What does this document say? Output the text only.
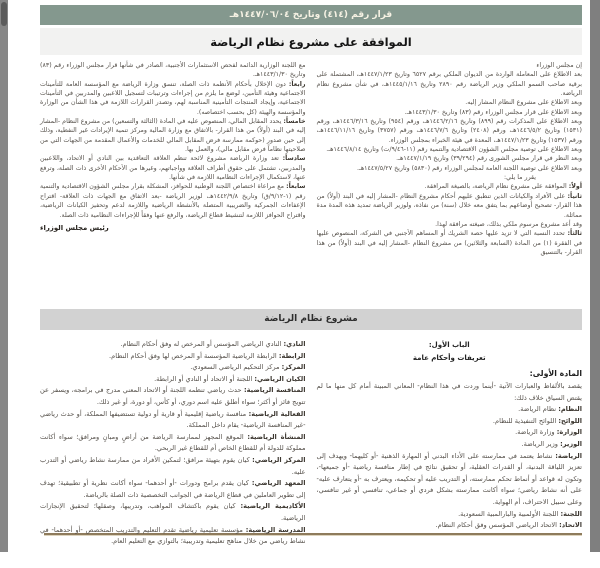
قرار رقم (٤١٤) وتاريخ ١٤٤٧/٠٦/٠٤هـ
الموافقة على مشروع نظام الرياضة

إن مجلس الوزراء

بعد الاطلاع على المعاملة الواردة من الديوان الملكي برقم ٦٥٢٧ وتاريخ ١٤٤٧/١/٢٣هـ، المشتملة على برقية صاحب السمو الملكي وزير الرياضة رقم ٢٨٩٠ وتاريخ ١٤٤٥/١/١٦هـ، في شأن مشروع نظام الرياضة.

وبعد الاطلاع على مشروع النظام المشار إليه.

وبعد الاطلاع على قرار مجلس الوزراء رقم (٨٣) وتاريخ ١٤٤٣/١/٣٠هـ.

وبعد الاطلاع على المذكرات رقم (٨٩٩) وتاريخ ١٤٤٦/٢/١٦هـ، ورقم (٩٥٤) وتاريخ ١٤٤٦/٣/١٦هـ، ورقم (١٥٣١) وتاريخ ١٤٤٦/٥/٢هـ، ورقم (٢٤٠٨) وتاريخ ١٤٤٦/٧/٦هـ، ورقم (٣٧٥٧) وتاريخ ١٤٤٦/١١/١٦هـ، ورقم (١٥٣٧) وتاريخ ١٤٤٧/١/٢٣هـ، المعدة في هيئة الخبراء بمجلس الوزراء.

وبعد الاطلاع على توصية مجلس الشؤون الاقتصادية والتنمية رقم (١١-٩/٤٦/ت) وتاريخ ١٤٤٦/٨/١٤هـ.

وبعد النظر في قرار مجلس الشورى رقم (٣٩/٢٩٤) وتاريخ ١٤٤٧/١/١٩هـ.

وبعد الاطلاع على توصية اللجنة العامة لمجلس الوزراء رقم (٥٨٣٠) وتاريخ ١٤٤٧/٥/٢٧هـ.

يقرر ما يلي:

أولاً: الموافقة على مشروع نظام الرياضة، بالصيغة المرافقة.

ثانياً: على الأفراد والكيانات الذين تنطبق عليهم أحكام مشروع النظام -المشار إليه في البند (أولاً) من هذا القرار- تصحيح أوضاعهم بما يتفق معه خلال (سنة) من نفاذه، ولوزير الرياضة تمديد هذه المدة مدة مماثلة.

وقد أعد مشروع مرسوم ملكي بذلك، صيغته مرافقة لهذا.

ثالثاً: تحدد النسبة التي لا تزيد عليها حصة الشريك أو المساهم الأجنبي في الشركة، المنصوص عليها في الفقرة (١) من المادة (السابعة والثلاثين) من مشروع النظام -المشار إليه في البند (أولاً) من هذا القرار- بالتنسيق

مع اللجنة الوزارية الدائمة لفحص الاستثمارات الأجنبية، الصادر في شأنها قرار مجلس الوزراء رقم (٨٣) وتاريخ ١٤٤٣/١/٣٠هـ.

رابعاً: دون الإخلال بأحكام الأنظمة ذات الصلة، تنسق وزارة الرياضة مع المؤسسة العامة للتأمينات الاجتماعية وهيئة التأمين، لوضع ما يلزم من إجراءات وترتيبات لتسجيل اللاعبين والمدربين في التأمينات الاجتماعية، وإيجاد المنتجات التأمينية المناسبة لهم، وتصدر القرارات اللازمة في هذا الشأن من الوزارة والمؤسسة والهيئة (كل بحسب اختصاصه).

خامساً: يحدد المقابل المالي، المنصوص عليه في المادة (الثالثة والتسعين) من مشروع النظام -المشار إليه في البند (أولاً) من هذا القرار- بالاتفاق مع وزارة المالية ومركز تنمية الإيرادات غير النفطية، وذلك إلى حين صدور (حوكمة ممارسة فرض المقابل المالي للخدمات والأعمال المقدمة من الجهات التي من صلاحيتها نظاماً فرض مقابل مالي)، والعمل بها.

سادساً: تعد وزارة الرياضة مشروع لائحة تنظم العلاقة التعاقدية بين النادي أو الاتحاد، واللاعبين والمدربين، تشتمل على حقوق أطراف العلاقة وواجباتهم، وغيرها من الأحكام الأخرى ذات الصلة، وترفع عنها، لاستكمال الإجراءات النظامية اللازمة في شأنها.

سابعاً: مع مراعاة اختصاص اللجنة الوطنية للحوافز، المشكلة بقرار مجلس الشؤون الاقتصادية والتنمية رقم (١-٩/١٢/ق) وتاريخ ١٤٤٢/٩/٨هـ، لوزير الرياضة -بعد الاتفاق مع الجهات ذات العلاقة- اقتراح الإعفاءات الجمركية والضريبية المتصلة بالأنشطة الرياضية واللازمة لدعم وتحفيز الكيانات الرياضية، واقتراح الحوافز اللازمة لتنشيط قطاع الرياضة، والرفع عنها وفقاً للإجراءات النظامية ذات الصلة.

رئيس مجلس الوزراء
مشروع نظام الرياضة
الباب الأول:
تعريفات وأحكام عامة
المادة الأولى:

يقصد بالألفاظ والعبارات الآتية -أينما وردت في هذا النظام- المعاني المبينة أمام كل منها ما لم يقتض السياق خلاف ذلك:

النظام: نظام الرياضة.

اللوائح: اللوائح التنفيذية للنظام.

الوزارة: وزارة الرياضة.

الوزير: وزير الرياضة.

الرياضة: نشاط يعتمد في ممارسته على الأداء البدني أو المهارة الذهنية -أو كليهما- ويهدف إلى تعزيز اللياقة البدنية، أو القدرات العقلية، أو تحقيق نتائج في إطار منافسة رياضية -أو جميعها-، وتكون له قواعد أو أنماط تحكم ممارسته، أو التدريب عليه أو تحكيمه، ويعترف به -أو يتعارف عليه- على أنه نشاط رياضي؛ سواء أكانت ممارسته بشكل فردي أو جماعي، تنافسي أو غير تنافسي، وعلى سبيل الاحتراف، أم الهواية.

اللجنة: اللجنة الأولمبية والبارالمبية السعودية.

الاتحاد: الاتحاد الرياضي المؤسس وفق أحكام النظام.

النادي: النادي الرياضي المؤسس أو المرخص له وفق أحكام النظام.

الرابطة: الرابطة الرياضية المؤسسة أو المرخص لها وفق أحكام النظام.

المركز: مركز التحكيم الرياضي السعودي.

الكيان الرياضي: اللجنة أو الاتحاد أو النادي أو الرابطة.

المنافسة الرياضية: حدث رياضي تنظمه اللجنة أو الاتحاد المعني مدرج في برامجه، ويسفر عن تتويج فائز أو أكثر؛ سواء أطلق عليه اسم دوري، أو كأس، أو دورة، أو غير ذلك.

الفعالية الرياضية: منافسة رياضية إقليمية أو قارية أو دولية تستضيفها المملكة، أو حدث رياضي -غير المنافسة الرياضية- يقام داخل المملكة.

المنشأة الرياضية: الموقع المجهز لممارسة الرياضة من أراضٍ ومبانٍ ومرافق؛ سواء أكانت مملوكة للدولة أم للقطاع الخاص أم للقطاع غير الربحي.

المركز الرياضي: كيان يقوم بتهيئة مرافق؛ لتمكين الأفراد من ممارسة نشاط رياضي أو التدرب عليه.

المعهد الرياضي: كيان يقدم برامج ودورات -أو أحدهما- سواء أكانت نظرية أو تطبيقية؛ تهدف إلى تطوير العاملين في قطاع الرياضة في الجوانب التخصصية ذات الصلة بالرياضة.

الأكاديمية الرياضية: كيان يقوم باكتشاف المواهب، وتدريبها، وصقلها؛ لتحقيق الإنجازات الرياضية.

المدرسة الرياضية: مؤسسة تعليمية رياضية تقدم التعليم والتدريب المتخصص -أو أحدهما- في نشاط رياضي من خلال مناهج تعليمية وتدريبية؛ بالتوازي مع التعليم العام.
